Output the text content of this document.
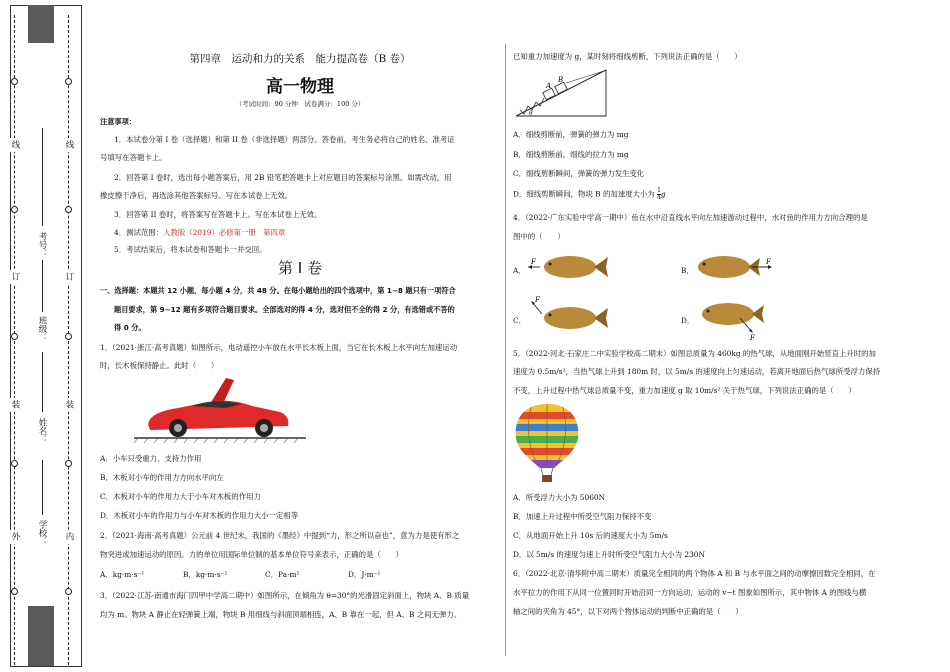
线
订
装
外 学校：
姓名：
班级：
考号：
线
订
装
内
第四章　运动和力的关系　能力提高卷（B 卷）
高一物理
（考试时间：90 分钟　试卷满分：100 分）
注意事项：
1．本试卷分第 I 卷（选择题）和第 II 卷（非选择题）两部分。答卷前，考生务必将自己的姓名、准考证
号填写在答题卡上。
2．回答第 I 卷时，选出每小题答案后，用 2B 铅笔把答题卡上对应题目的答案标号涂黑。如需改动，用
橡皮擦干净后，再选涂其他答案标号。写在本试卷上无效。
3．回答第 II 卷时，将答案写在答题卡上。写在本试卷上无效。
4．测试范围：人教版（2019）必修第一册　第四章
5．考试结束后，将本试卷和答题卡一并交回。
第 I 卷
一、选择题：本题共 12 小题，每小题 4 分，共 48 分。在每小题给出的四个选项中，第 1~8 题只有一项符合
题目要求，第 9~12 题有多项符合题目要求。全部选对的得 4 分，选对但不全的得 2 分，有选错或不答的
得 0 分。
1．（2021·浙江·高考真题）如图所示，电动遥控小车放在水平长木板上面，当它在长木板上水平向左加速运动
时，长木板保持静止。此时（　　）
A．小车只受重力、支持力作用
B．木板对小车的作用力方向水平向左
C．木板对小车的作用力大于小车对木板的作用力
D．木板对小车的作用力与小车对木板的作用力大小一定相等
2．（2021·海南·高考真题）公元前 4 世纪末，我国的《墨经》中提到“力，形之所以奋也”，意为力是使有形之
物突进或加速运动的原因。力的单位用国际单位制的基本单位符号来表示，正确的是（　　）
A．kg·m·s⁻¹	B．kg·m·s⁻²	C．Pa·m²	D．J·m⁻¹
3．（2022·江苏·南通市海门四甲中学高二期中）如图所示，在倾角为 θ=30°的光滑固定斜面上，物块 A、B 质量
均为 m。物块 A 静止在轻弹簧上端，物块 B 用细线与斜面顶端相连，A、B 靠在一起，但 A、B 之间无弹力。
已知重力加速度为 g，某时刻将细线剪断，下列说法正确的是（　　）
A
B
θ
A．细线剪断前，弹簧的弹力为 mg
B．细线剪断前，细线的拉力为 mg
C．细线剪断瞬间，弹簧的弹力发生变化
D．细线剪断瞬间，物块 B 的加速度大小为 $\frac{1}{4}$ g
4．（2022·广东实验中学高一期中）鱼在水中沿直线水平向左加速游动过程中，水对鱼的作用力方向合理的是
图中的（　　）
A．
F
B．
F
C．
F
D．
F
5．（2022·河北·石家庄二中实验学校高二期末）如图总质量为 460kg 的热气球，从地面刚开始竖直上升时的加
速度为 0.5m/s²，当热气球上升到 180m 时，以 5m/s 的速度向上匀速运动，若离开地面后热气球所受浮力保持
不变，上升过程中热气球总质量不变，重力加速度 g 取 10m/s² 关于热气球，下列说法正确的是（　　）
A．所受浮力大小为 5060N
B．加速上升过程中所受空气阻力保持不变
C．从地面开始上升 10s 后的速度大小为 5m/s
D．以 5m/s 的速度匀速上升时所受空气阻力大小为 230N
6．（2022·北京·清华附中高二期末）质量完全相同的两个物体 A 和 B 与水平面之间的动摩擦因数完全相同，在
水平拉力的作用下从同一位置同时开始沿同一方向运动，运动的 v−t 图象如图所示，其中物体 A 的图线与横
轴之间的夹角为 45°，以下对两个物体运动的判断中正确的是（　　）
